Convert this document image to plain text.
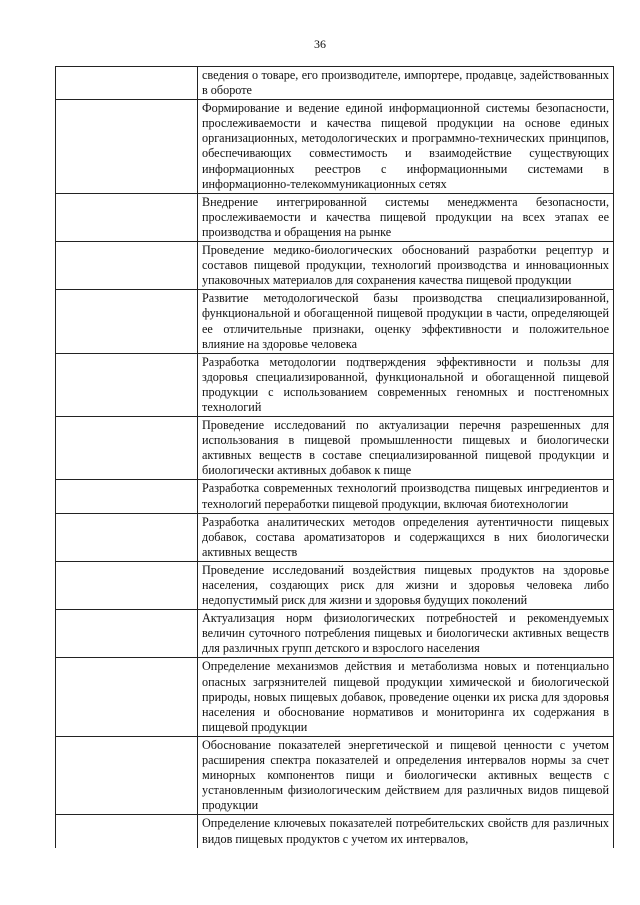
36
сведения о товаре, его производителе, импортере, продавце, задействованных в обороте
Формирование и ведение единой информационной системы безопасности, прослеживаемости и качества пищевой продукции на основе единых организационных, методологических и программно-технических принципов, обеспечивающих совместимость и взаимодействие существующих информационных реестров с информационными системами в информационно-телекоммуникационных сетях
Внедрение интегрированной системы менеджмента безопасности, прослеживаемости и качества пищевой продукции на всех этапах ее производства и обращения на рынке
Проведение медико-биологических обоснований разработки рецептур и составов пищевой продукции, технологий производства и инновационных упаковочных материалов для сохранения качества пищевой продукции
Развитие методологической базы производства специализированной, функциональной и обогащенной пищевой продукции в части, определяющей ее отличительные признаки, оценку эффективности и положительное влияние на здоровье человека
Разработка методологии подтверждения эффективности и пользы для здоровья специализированной, функциональной и обогащенной пищевой продукции с использованием современных геномных и постгеномных технологий
Проведение исследований по актуализации перечня разрешенных для использования в пищевой промышленности пищевых и биологически активных веществ в составе специализированной пищевой продукции и биологически активных добавок к пище
Разработка современных технологий производства пищевых ингредиентов и технологий переработки пищевой продукции, включая биотехнологии
Разработка аналитических методов определения аутентичности пищевых добавок, состава ароматизаторов и содержащихся в них биологически активных веществ
Проведение исследований воздействия пищевых продуктов на здоровье населения, создающих риск для жизни и здоровья человека либо недопустимый риск для жизни и здоровья будущих поколений
Актуализация норм физиологических потребностей и рекомендуемых величин суточного потребления пищевых и биологически активных веществ для различных групп детского и взрослого населения
Определение механизмов действия и метаболизма новых и потенциально опасных загрязнителей пищевой продукции химической и биологической природы, новых пищевых добавок, проведение оценки их риска для здоровья населения и обоснование нормативов и мониторинга их содержания в пищевой продукции
Обоснование показателей энергетической и пищевой ценности с учетом расширения спектра показателей и определения интервалов нормы за счет минорных компонентов пищи и биологически активных веществ с установленным физиологическим действием для различных видов пищевой продукции
Определение ключевых показателей потребительских свойств для различных видов пищевых продуктов с учетом их интервалов,
